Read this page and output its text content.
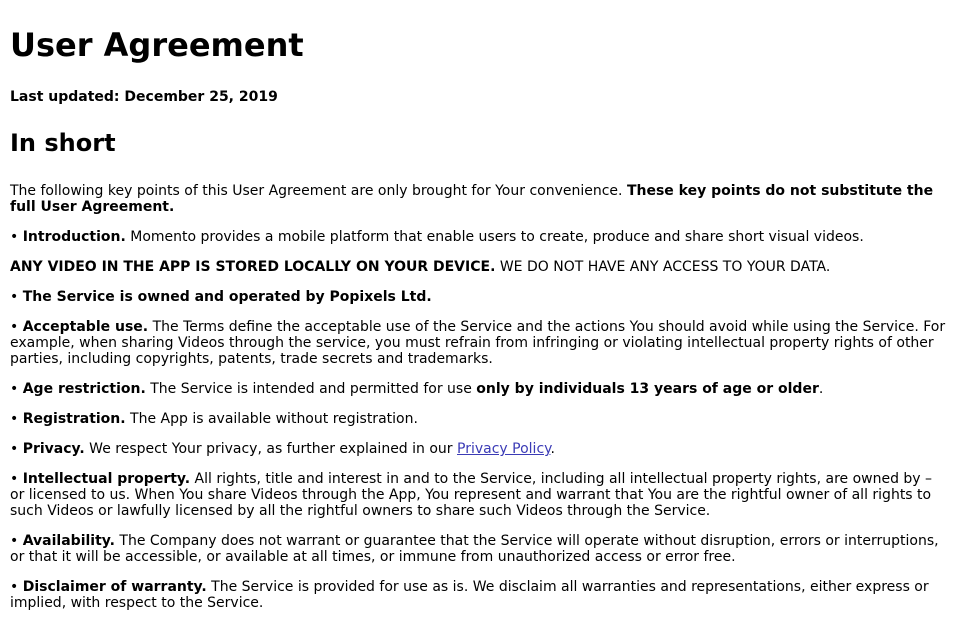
User Agreement

Last updated: December 25, 2019

In short

The following key points of this User Agreement are only brought for Your convenience. These key points do not substitute the full User Agreement.

• Introduction. Momento provides a mobile platform that enable users to create, produce and share short visual videos.

ANY VIDEO IN THE APP IS STORED LOCALLY ON YOUR DEVICE. WE DO NOT HAVE ANY ACCESS TO YOUR DATA.

• The Service is owned and operated by Popixels Ltd.

• Acceptable use. The Terms define the acceptable use of the Service and the actions You should avoid while using the Service. For example, when sharing Videos through the service, you must refrain from infringing or violating intellectual property rights of other parties, including copyrights, patents, trade secrets and trademarks.

• Age restriction. The Service is intended and permitted for use only by individuals 13 years of age or older.

• Registration. The App is available without registration.

• Privacy. We respect Your privacy, as further explained in our Privacy Policy.

• Intellectual property. All rights, title and interest in and to the Service, including all intellectual property rights, are owned by – or licensed to us. When You share Videos through the App, You represent and warrant that You are the rightful owner of all rights to such Videos or lawfully licensed by all the rightful owners to share such Videos through the Service.

• Availability. The Company does not warrant or guarantee that the Service will operate without disruption, errors or interruptions, or that it will be accessible, or available at all times, or immune from unauthorized access or error free.

• Disclaimer of warranty. The Service is provided for use as is. We disclaim all warranties and representations, either express or implied, with respect to the Service.
